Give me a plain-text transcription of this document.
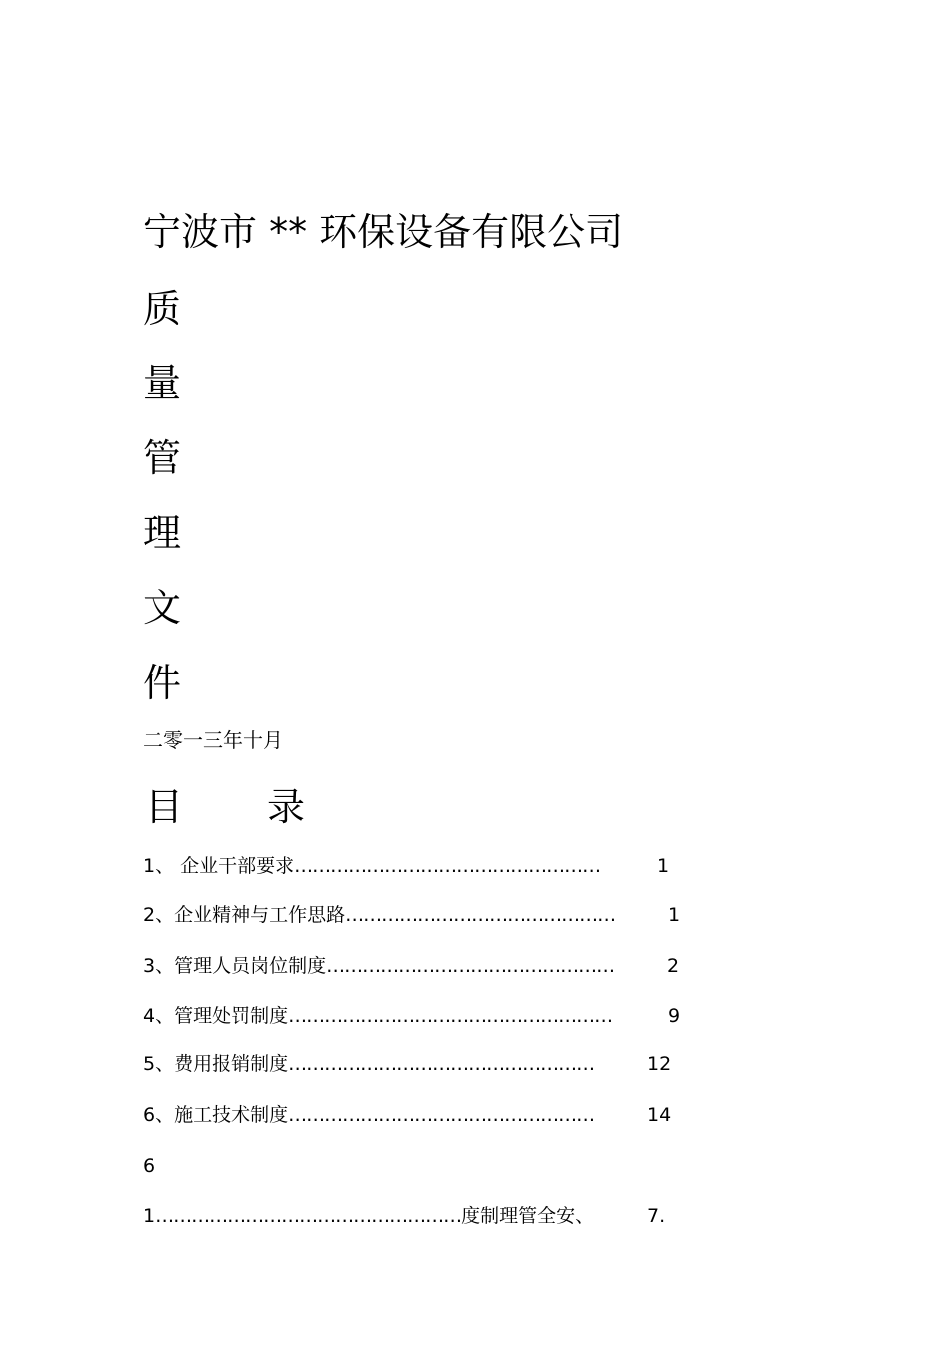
宁波市 ** 环保设备有限公司
质
量
管
理
文
件
二零一三年十月
目 录
1、 企业干部要求……………………………………………	1
2、企业精神与工作思路………………………………………	1
3、管理人员岗位制度…………………………………………	2
4、管理处罚制度………………………………………………	9
5、费用报销制度……………………………………………	12
6、施工技术制度……………………………………………	14
6
1……………………………………………度制理管全安、	7.
